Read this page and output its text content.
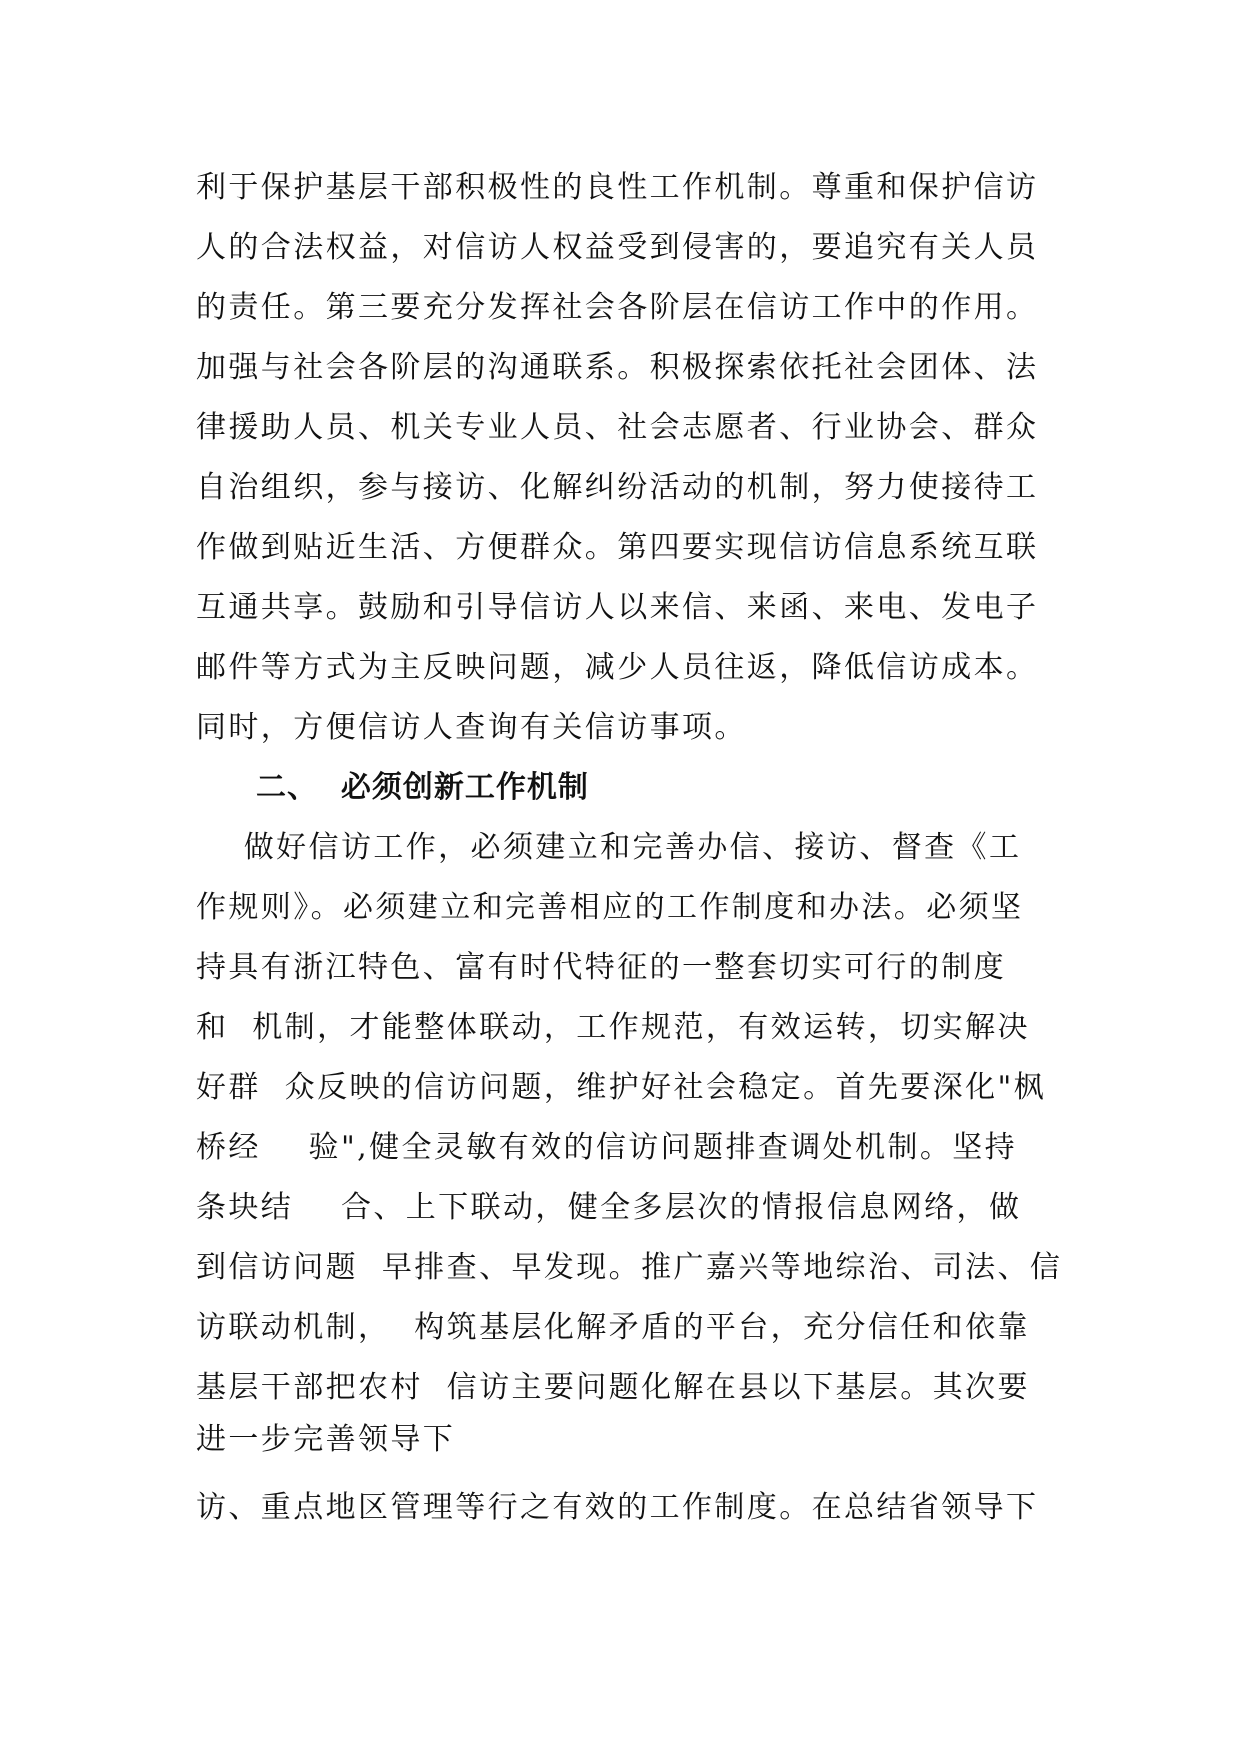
利于保护基层干部积极性的良性工作机制。尊重和保护信访
人的合法权益，对信访人权益受到侵害的，要追究有关人员
的责任。第三要充分发挥社会各阶层在信访工作中的作用。
加强与社会各阶层的沟通联系。积极探索依托社会团体、法
律援助人员、机关专业人员、社会志愿者、行业协会、群众
自治组织，参与接访、化解纠纷活动的机制，努力使接待工
作做到贴近生活、方便群众。第四要实现信访信息系统互联
互通共享。鼓励和引导信访人以来信、来函、来电、发电子
邮件等方式为主反映问题，减少人员往返，降低信访成本。
同时，方便信访人查询有关信访事项。
二、  必须创新工作机制
做好信访工作，必须建立和完善办信、接访、督查《工
作规则》。必须建立和完善相应的工作制度和办法。必须坚
持具有浙江特色、富有时代特征的一整套切实可行的制度
和  机制，才能整体联动，工作规范，有效运转，切实解决
好群  众反映的信访问题，维护好社会稳定。首先要深化"枫
桥经    验",健全灵敏有效的信访问题排查调处机制。坚持
条块结    合、上下联动，健全多层次的情报信息网络，做
到信访问题  早排查、早发现。推广嘉兴等地综治、司法、信
访联动机制，  构筑基层化解矛盾的平台，充分信任和依靠
基层干部把农村  信访主要问题化解在县以下基层。其次要
进一步完善领导下
访、重点地区管理等行之有效的工作制度。在总结省领导下
